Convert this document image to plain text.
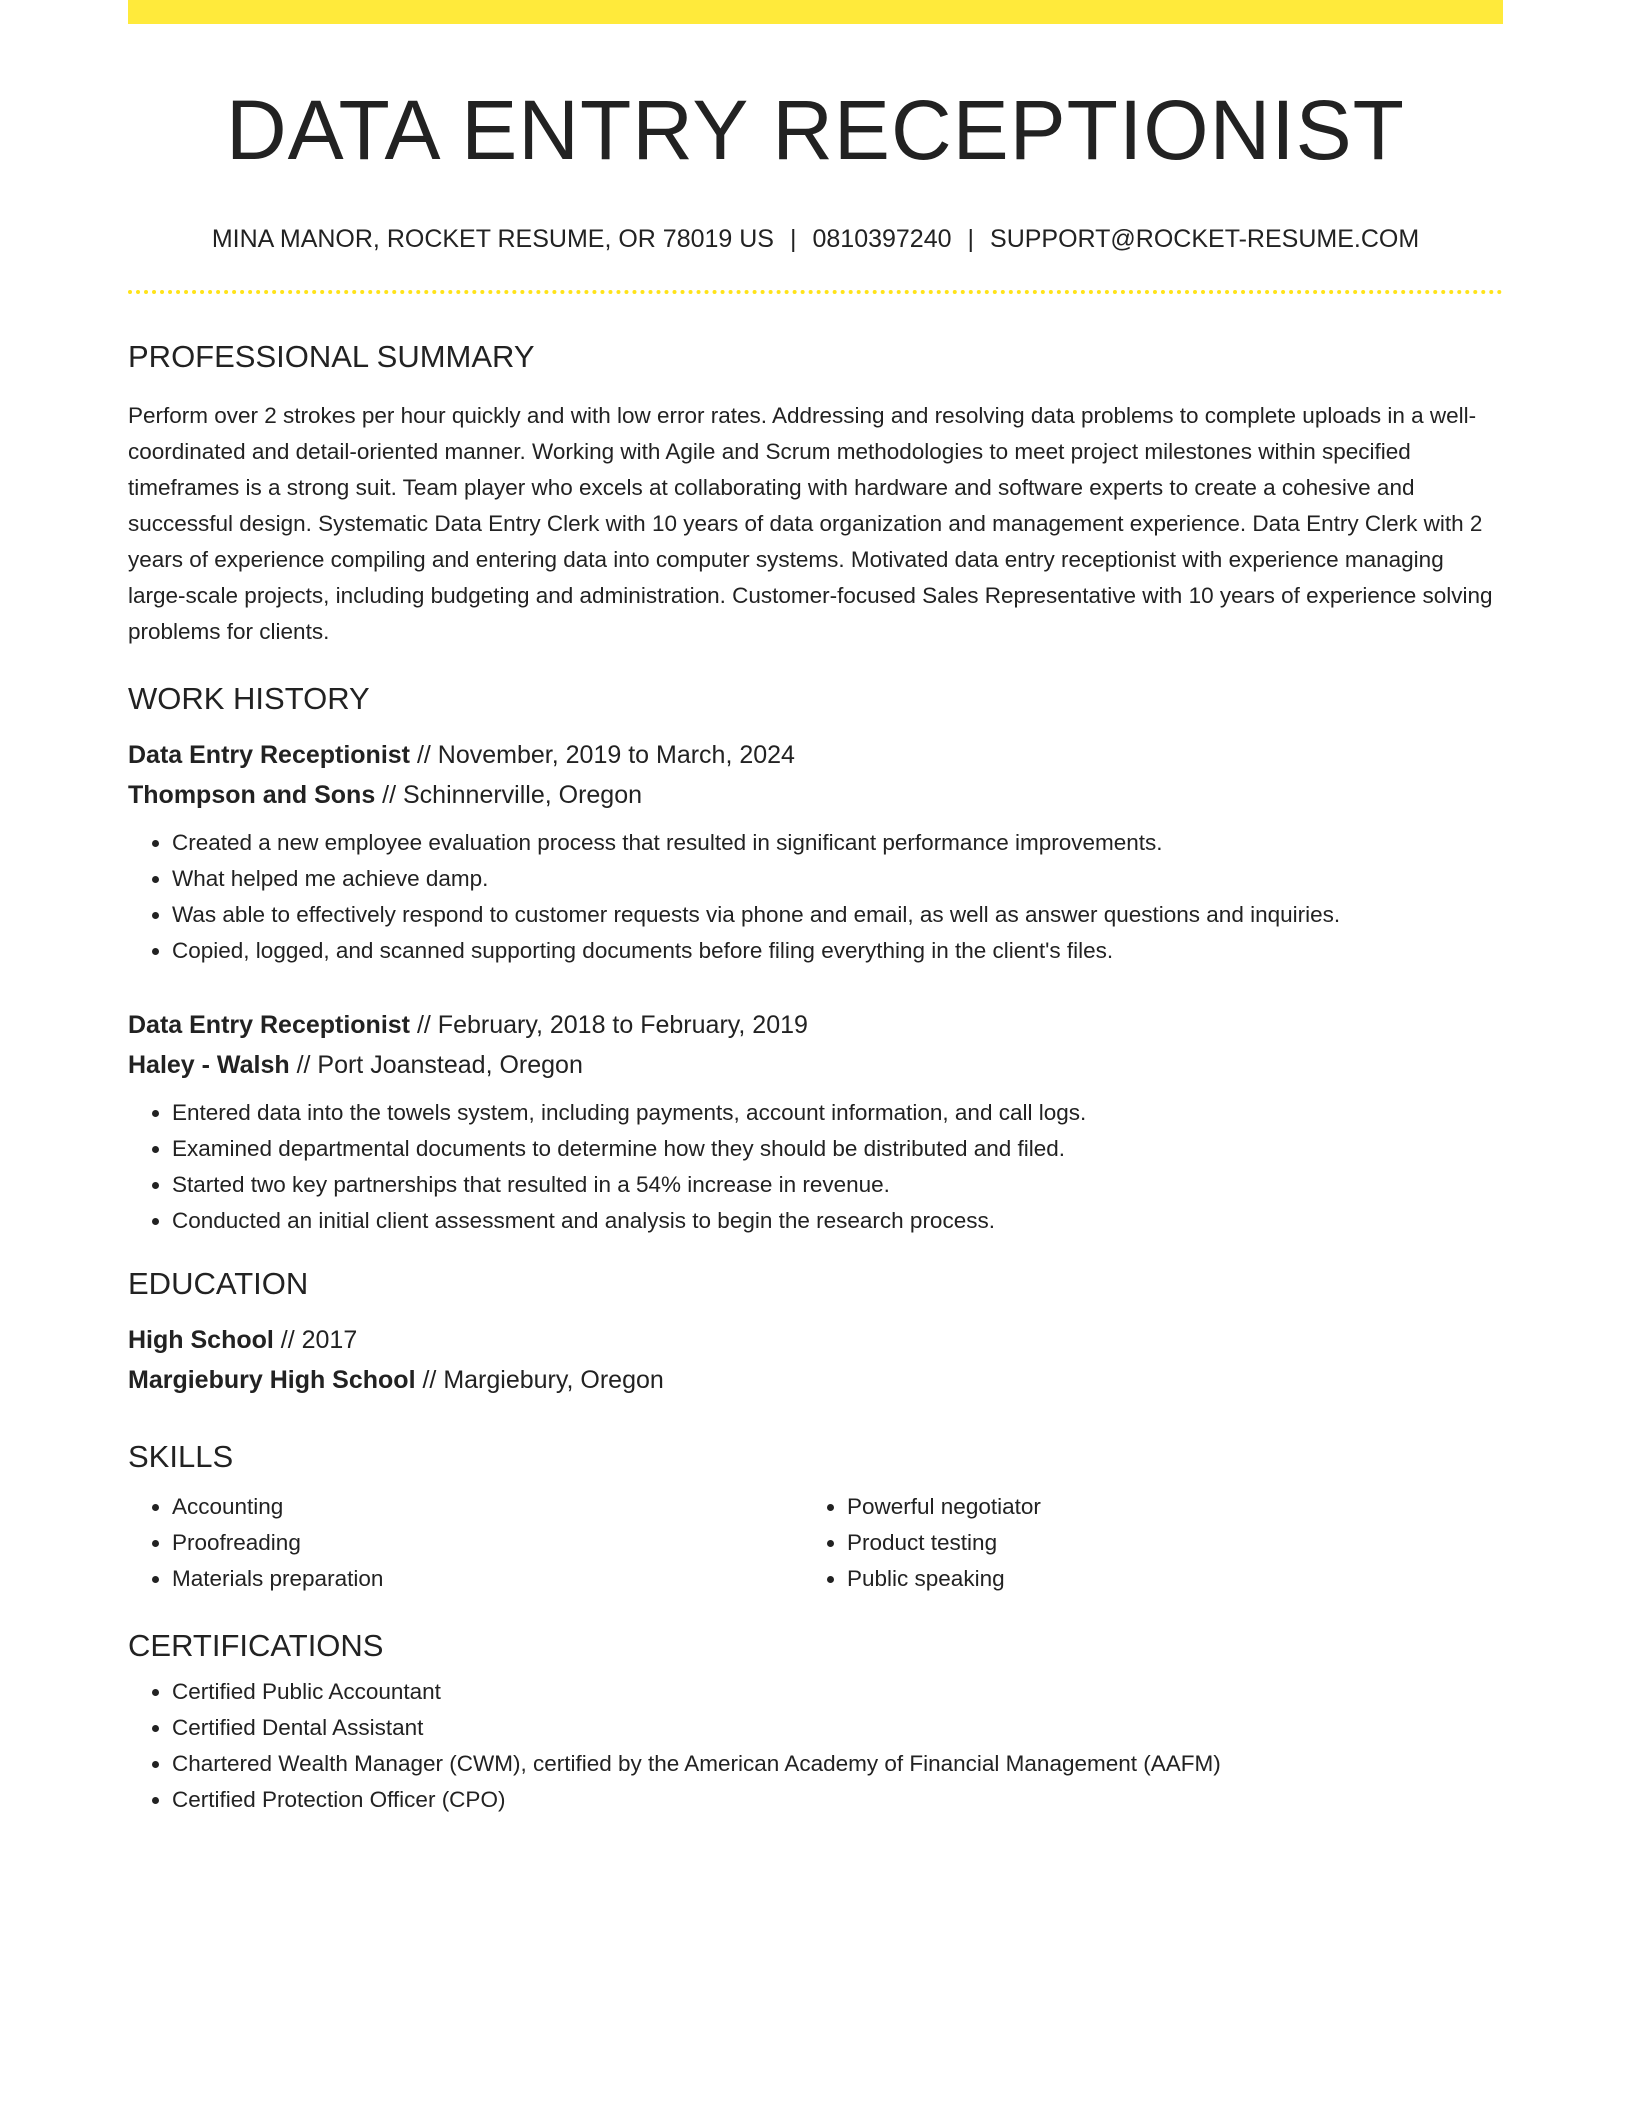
DATA ENTRY RECEPTIONIST
MINA MANOR, ROCKET RESUME, OR 78019 US | 0810397240 | SUPPORT@ROCKET-RESUME.COM
PROFESSIONAL SUMMARY

Perform over 2 strokes per hour quickly and with low error rates. Addressing and resolving data problems to complete uploads in a well-coordinated and detail-oriented manner. Working with Agile and Scrum methodologies to meet project milestones within specified timeframes is a strong suit. Team player who excels at collaborating with hardware and software experts to create a cohesive and successful design. Systematic Data Entry Clerk with 10 years of data organization and management experience. Data Entry Clerk with 2 years of experience compiling and entering data into computer systems. Motivated data entry receptionist with experience managing large-scale projects, including budgeting and administration. Customer-focused Sales Representative with 10 years of experience solving problems for clients.

WORK HISTORY
Data Entry Receptionist // November, 2019 to March, 2024
Thompson and Sons // Schinnerville, Oregon
• Created a new employee evaluation process that resulted in significant performance improvements.
• What helped me achieve damp.
• Was able to effectively respond to customer requests via phone and email, as well as answer questions and inquiries.
• Copied, logged, and scanned supporting documents before filing everything in the client's files.
Data Entry Receptionist // February, 2018 to February, 2019
Haley - Walsh // Port Joanstead, Oregon
• Entered data into the towels system, including payments, account information, and call logs.
• Examined departmental documents to determine how they should be distributed and filed.
• Started two key partnerships that resulted in a 54% increase in revenue.
• Conducted an initial client assessment and analysis to begin the research process.
EDUCATION
High School // 2017
Margiebury High School // Margiebury, Oregon
SKILLS
• Accounting
• Proofreading
• Materials preparation
• Powerful negotiator
• Product testing
• Public speaking
CERTIFICATIONS
• Certified Public Accountant
• Certified Dental Assistant
• Chartered Wealth Manager (CWM), certified by the American Academy of Financial Management (AAFM)
• Certified Protection Officer (CPO)
